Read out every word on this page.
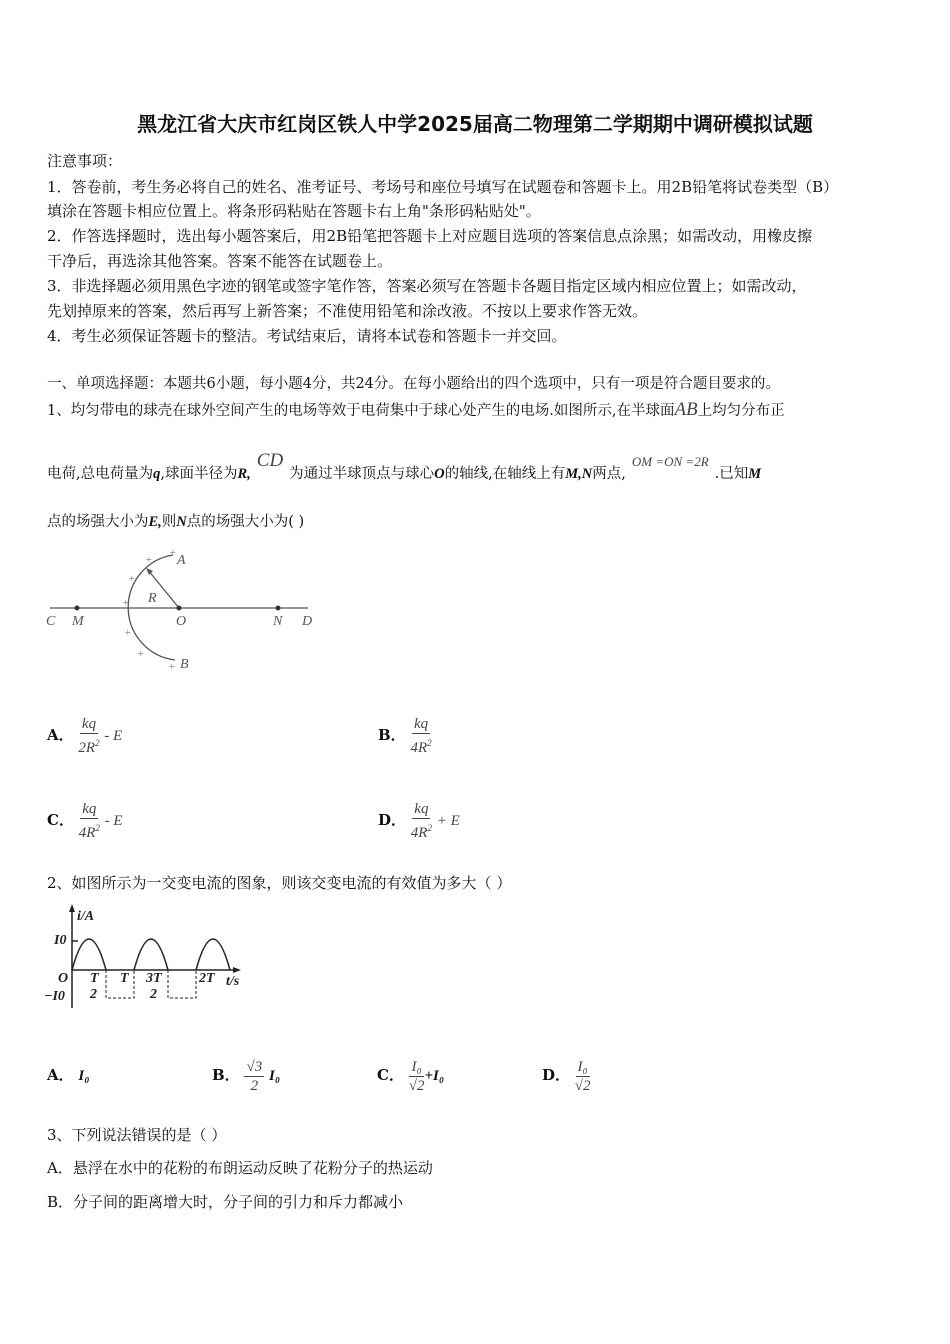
黑龙江省大庆市红岗区铁人中学2025届高二物理第二学期期中调研模拟试题
注意事项：
1．答卷前，考生务必将自己的姓名、准考证号、考场号和座位号填写在试题卷和答题卡上。用2B铅笔将试卷类型（B）
填涂在答题卡相应位置上。将条形码粘贴在答题卡右上角"条形码粘贴处"。
2．作答选择题时，选出每小题答案后，用2B铅笔把答题卡上对应题目选项的答案信息点涂黑；如需改动，用橡皮擦
干净后，再选涂其他答案。答案不能答在试题卷上。
3．非选择题必须用黑色字迹的钢笔或签字笔作答，答案必须写在答题卡各题目指定区域内相应位置上；如需改动，
先划掉原来的答案，然后再写上新答案；不准使用铅笔和涂改液。不按以上要求作答无效。
4．考生必须保证答题卡的整洁。考试结束后，请将本试卷和答题卡一并交回。
一、单项选择题：本题共6小题，每小题4分，共24分。在每小题给出的四个选项中，只有一项是符合题目要求的。
1、均匀带电的球壳在球外空间产生的电场等效于电荷集中于球心处产生的电场.如图所示,在半球面AB上均匀分布正
电荷,总电荷量为q,球面半径为R,CD为通过半球顶点与球心O的轴线,在轴线上有M,N两点,OM =ON =2R.已知M
点的场强大小为E,则N点的场强大小为( )
C M	O	N D
A
B
R
+
+
+
+
+
+
+
A． $\frac{kq}{2R^2}$ - E	B． $\frac{kq}{4R^2}$
C． $\frac{kq}{4R^2}$ - E	D． $\frac{kq}{4R^2} + E$
2、如图所示为一交变电流的图象，则该交变电流的有效值为多大（ ）
i/A
t/s
I0
−I0
O T
2
T 3T
2
2T
A． I₀	B． $\frac{√3}{2} I_0$	C． $\frac{\text{I₀}}{√2} +I_0$	D． $\frac{\text{I₀}}{√2}$
3、下列说法错误的是（ ）
A．悬浮在水中的花粉的布朗运动反映了花粉分子的热运动
B．分子间的距离增大时，分子间的引力和斥力都减小
